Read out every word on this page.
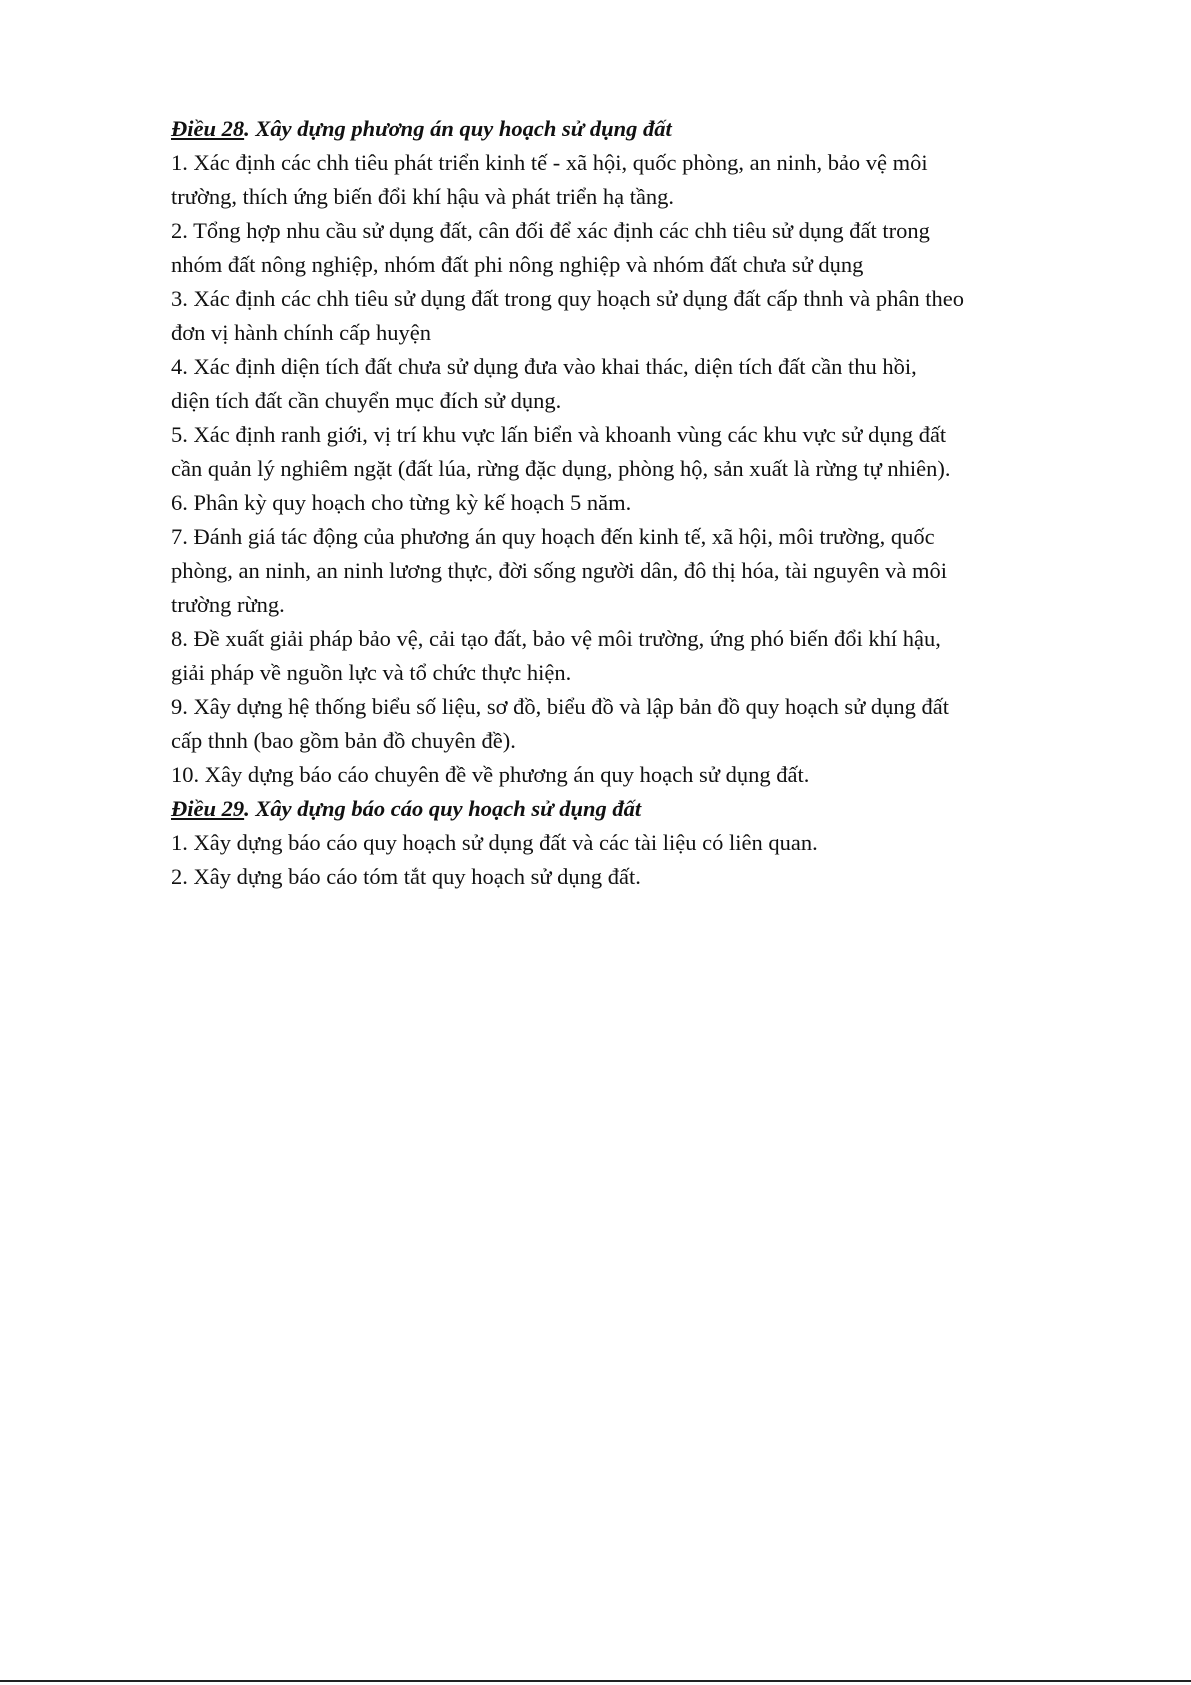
Điều 28. Xây dựng phương án quy hoạch sử dụng đất
1. Xác định các chh tiêu phát triển kinh tế - xã hội, quốc phòng, an ninh, bảo vệ môi
trường, thích ứng biến đổi khí hậu và phát triển hạ tầng.
2. Tổng hợp nhu cầu sử dụng đất, cân đối để xác định các chh tiêu sử dụng đất trong
nhóm đất nông nghiệp, nhóm đất phi nông nghiệp và nhóm đất chưa sử dụng
3. Xác định các chh tiêu sử dụng đất trong quy hoạch sử dụng đất cấp thnh và phân theo
đơn vị hành chính cấp huyện
4. Xác định diện tích đất chưa sử dụng đưa vào khai thác, diện tích đất cần thu hồi,
diện tích đất cần chuyển mục đích sử dụng.
5. Xác định ranh giới, vị trí khu vực lấn biển và khoanh vùng các khu vực sử dụng đất
cần quản lý nghiêm ngặt (đất lúa, rừng đặc dụng, phòng hộ, sản xuất là rừng tự nhiên).
6. Phân kỳ quy hoạch cho từng kỳ kế hoạch 5 năm.
7. Đánh giá tác động của phương án quy hoạch đến kinh tế, xã hội, môi trường, quốc
phòng, an ninh, an ninh lương thực, đời sống người dân, đô thị hóa, tài nguyên và môi
trường rừng.
8. Đề xuất giải pháp bảo vệ, cải tạo đất, bảo vệ môi trường, ứng phó biến đổi khí hậu,
giải pháp về nguồn lực và tổ chức thực hiện.
9. Xây dựng hệ thống biểu số liệu, sơ đồ, biểu đồ và lập bản đồ quy hoạch sử dụng đất
cấp thnh (bao gồm bản đồ chuyên đề).
10. Xây dựng báo cáo chuyên đề về phương án quy hoạch sử dụng đất.
Điều 29. Xây dựng báo cáo quy hoạch sử dụng đất
1. Xây dựng báo cáo quy hoạch sử dụng đất và các tài liệu có liên quan.
2. Xây dựng báo cáo tóm tắt quy hoạch sử dụng đất.
